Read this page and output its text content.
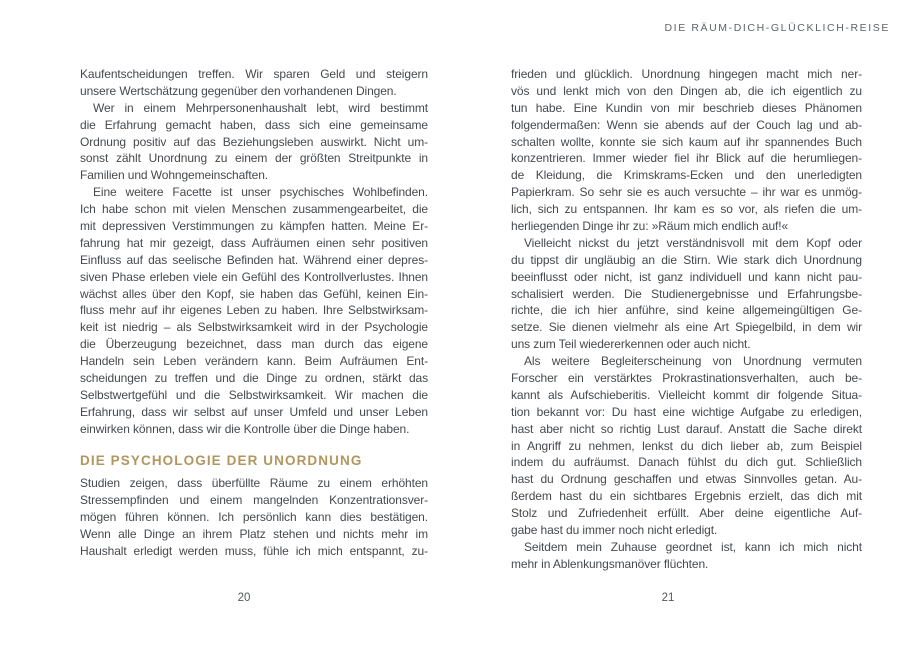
DIE RÄUM-DICH-GLÜCKLICH-REISE
Kaufentscheidungen treffen. Wir sparen Geld und steigern
unsere Wertschätzung gegenüber den vorhandenen Dingen.
Wer in einem Mehrpersonenhaushalt lebt, wird bestimmt
die Erfahrung gemacht haben, dass sich eine gemeinsame
Ordnung positiv auf das Beziehungsleben auswirkt. Nicht um-
sonst zählt Unordnung zu einem der größten Streitpunkte in
Familien und Wohngemeinschaften.
Eine weitere Facette ist unser psychisches Wohlbefinden.
Ich habe schon mit vielen Menschen zusammengearbeitet, die
mit depressiven Verstimmungen zu kämpfen hatten. Meine Er-
fahrung hat mir gezeigt, dass Aufräumen einen sehr positiven
Einfluss auf das seelische Befinden hat. Während einer depres-
siven Phase erleben viele ein Gefühl des Kontrollverlustes. Ihnen
wächst alles über den Kopf, sie haben das Gefühl, keinen Ein-
fluss mehr auf ihr eigenes Leben zu haben. Ihre Selbstwirksam-
keit ist niedrig – als Selbstwirksamkeit wird in der Psychologie
die Überzeugung bezeichnet, dass man durch das eigene
Handeln sein Leben verändern kann. Beim Aufräumen Ent-
scheidungen zu treffen und die Dinge zu ordnen, stärkt das
Selbstwertgefühl und die Selbstwirksamkeit. Wir machen die
Erfahrung, dass wir selbst auf unser Umfeld und unser Leben
einwirken können, dass wir die Kontrolle über die Dinge haben.
DIE PSYCHOLOGIE DER UNORDNUNG
Studien zeigen, dass überfüllte Räume zu einem erhöhten
Stressempfinden und einem mangelnden Konzentrationsver-
mögen führen können. Ich persönlich kann dies bestätigen.
Wenn alle Dinge an ihrem Platz stehen und nichts mehr im
Haushalt erledigt werden muss, fühle ich mich entspannt, zu-
frieden und glücklich. Unordnung hingegen macht mich ner-
vös und lenkt mich von den Dingen ab, die ich eigentlich zu
tun habe. Eine Kundin von mir beschrieb dieses Phänomen
folgendermaßen: Wenn sie abends auf der Couch lag und ab-
schalten wollte, konnte sie sich kaum auf ihr spannendes Buch
konzentrieren. Immer wieder fiel ihr Blick auf die herumliegen-
de Kleidung, die Krimskrams-Ecken und den unerledigten
Papierkram. So sehr sie es auch versuchte – ihr war es unmög-
lich, sich zu entspannen. Ihr kam es so vor, als riefen die um-
herliegenden Dinge ihr zu: »Räum mich endlich auf!«
Vielleicht nickst du jetzt verständnisvoll mit dem Kopf oder
du tippst dir ungläubig an die Stirn. Wie stark dich Unordnung
beeinflusst oder nicht, ist ganz individuell und kann nicht pau-
schalisiert werden. Die Studienergebnisse und Erfahrungsbe-
richte, die ich hier anführe, sind keine allgemeingültigen Ge-
setze. Sie dienen vielmehr als eine Art Spiegelbild, in dem wir
uns zum Teil wiedererkennen oder auch nicht.
Als weitere Begleiterscheinung von Unordnung vermuten
Forscher ein verstärktes Prokrastinationsverhalten, auch be-
kannt als Aufschieberitis. Vielleicht kommt dir folgende Situa-
tion bekannt vor: Du hast eine wichtige Aufgabe zu erledigen,
hast aber nicht so richtig Lust darauf. Anstatt die Sache direkt
in Angriff zu nehmen, lenkst du dich lieber ab, zum Beispiel
indem du aufräumst. Danach fühlst du dich gut. Schließlich
hast du Ordnung geschaffen und etwas Sinnvolles getan. Au-
ßerdem hast du ein sichtbares Ergebnis erzielt, das dich mit
Stolz und Zufriedenheit erfüllt. Aber deine eigentliche Auf-
gabe hast du immer noch nicht erledigt.
Seitdem mein Zuhause geordnet ist, kann ich mich nicht
mehr in Ablenkungsmanöver flüchten.
20	21
